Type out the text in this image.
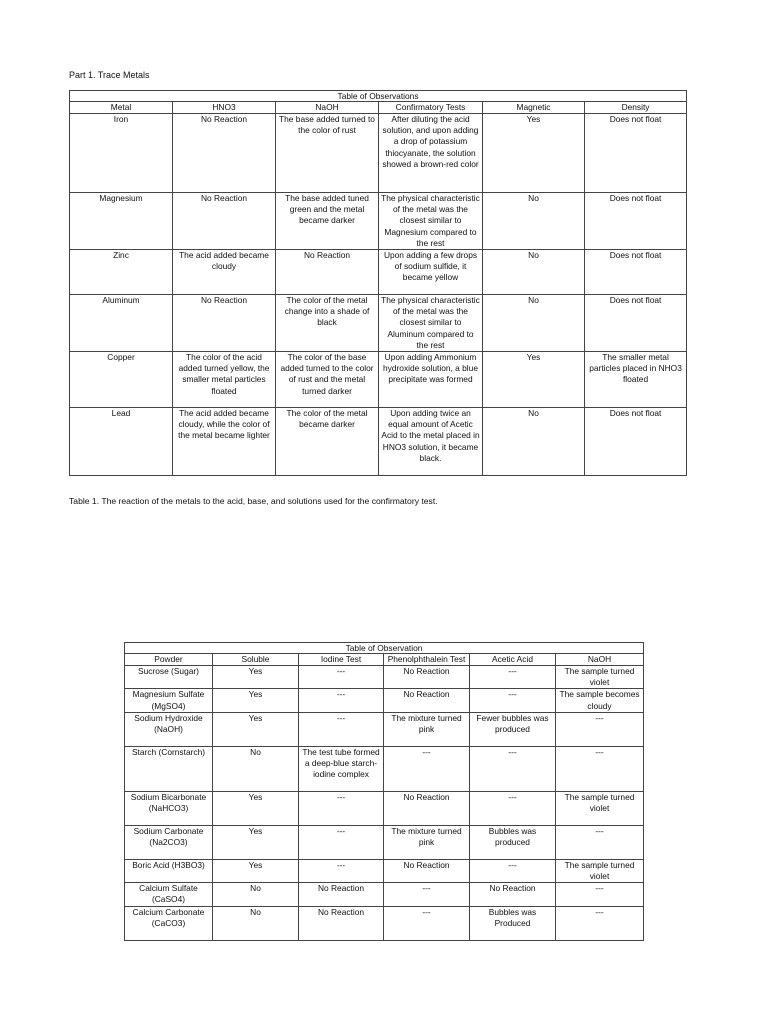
Part 1. Trace Metals
Table of Observations					
Metal	HNO3	NaOH	Confirmatory Tests	Magnetic	Density
Iron	No Reaction	The base added turned to the color of rust	After diluting the acid solution, and upon adding a drop of potassium thiocyanate, the solution showed a brown-red color	Yes	Does not float
Magnesium	No Reaction	The base added tuned green and the metal became darker	The physical characteristic of the metal was the closest similar to Magnesium compared to the rest	No	Does not float
Zinc	The acid added became cloudy	No Reaction	Upon adding a few drops of sodium sulfide, it became yellow	No	Does not float
Aluminum	No Reaction	The color of the metal change into a shade of black	The physical characteristic of the metal was the closest similar to Aluminum compared to the rest	No	Does not float
Copper	The color of the acid added turned yellow, the smaller metal particles floated	The color of the base added turned to the color of rust and the metal turned darker	Upon adding Ammonium hydroxide solution, a blue precipitate was formed	Yes	The smaller metal particles placed in NHO3 floated
Lead	The acid added became cloudy, while the color of the metal became lighter	The color of the metal became darker	Upon adding twice an equal amount of Acetic Acid to the metal placed in HNO3 solution, it became black.	No	Does not float
Table 1. The reaction of the metals to the acid, base, and solutions used for the confirmatory test.
Table of Observation					
Powder	Soluble	Iodine Test	Phenolphthalein Test	Acetic Acid	NaOH
Sucrose (Sugar)	Yes	---	No Reaction	---	The sample turned violet
Magnesium Sulfate (MgSO4)	Yes	---	No Reaction	---	The sample becomes cloudy
Sodium Hydroxide (NaOH)	Yes	---	The mixture turned pink	Fewer bubbles was produced	---
Starch (Cornstarch)	No	The test tube formed a deep-blue starch-iodine complex	---	---	---
Sodium Bicarbonate (NaHCO3)	Yes	---	No Reaction	---	The sample turned violet
Sodium Carbonate (Na2CO3)	Yes	---	The mixture turned pink	Bubbles was produced	---
Boric Acid (H3BO3)	Yes	---	No Reaction	---	The sample turned violet
Calcium Sulfate (CaSO4)	No	No Reaction	---	No Reaction	---
Calcium Carbonate (CaCO3)	No	No Reaction	---	Bubbles was Produced	---
